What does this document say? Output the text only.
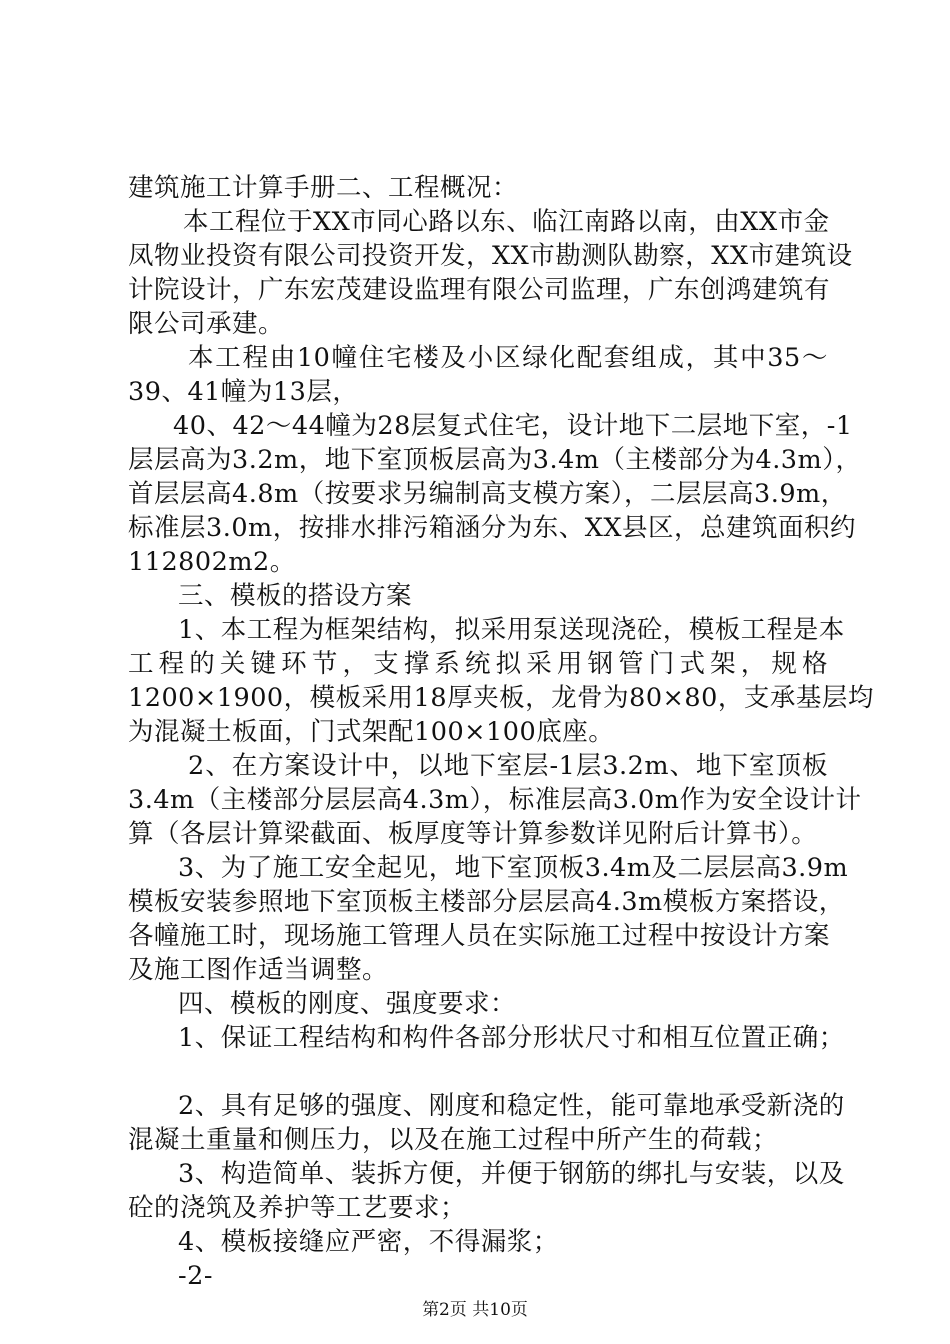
建筑施工计算手册二、工程概况：
本工程位于XX市同心路以东、临江南路以南，由XX市金
凤物业投资有限公司投资开发，XX市勘测队勘察，XX市建筑设
计院设计，广东宏茂建设监理有限公司监理，广东创鸿建筑有
限公司承建。
本工程由10幢住宅楼及小区绿化配套组成，其中35～
39、41幢为13层，
40、42～44幢为28层复式住宅，设计地下二层地下室，-1
层层高为3.2m，地下室顶板层高为3.4m（主楼部分为4.3m），
首层层高4.8m（按要求另编制高支模方案），二层层高3.9m，
标准层3.0m，按排水排污箱涵分为东、XX县区，总建筑面积约
112802m2。
三、模板的搭设方案
1、本工程为框架结构，拟采用泵送现浇砼，模板工程是本
工程的关键环节，支撑系统拟采用钢管门式架，规格
1200×1900，模板采用18厚夹板，龙骨为80×80，支承基层均
为混凝土板面，门式架配100×100底座。
2、在方案设计中，以地下室层-1层3.2m、地下室顶板
3.4m（主楼部分层层高4.3m），标准层高3.0m作为安全设计计
算（各层计算梁截面、板厚度等计算参数详见附后计算书）。
3、为了施工安全起见，地下室顶板3.4m及二层层高3.9m
模板安装参照地下室顶板主楼部分层层高4.3m模板方案搭设，
各幢施工时，现场施工管理人员在实际施工过程中按设计方案
及施工图作适当调整。
四、模板的刚度、强度要求：
1、保证工程结构和构件各部分形状尺寸和相互位置正确；
2、具有足够的强度、刚度和稳定性，能可靠地承受新浇的
混凝土重量和侧压力，以及在施工过程中所产生的荷载；
3、构造简单、装拆方便，并便于钢筋的绑扎与安装，以及
砼的浇筑及养护等工艺要求；
4、模板接缝应严密，不得漏浆；
-2-
第2页 共10页
